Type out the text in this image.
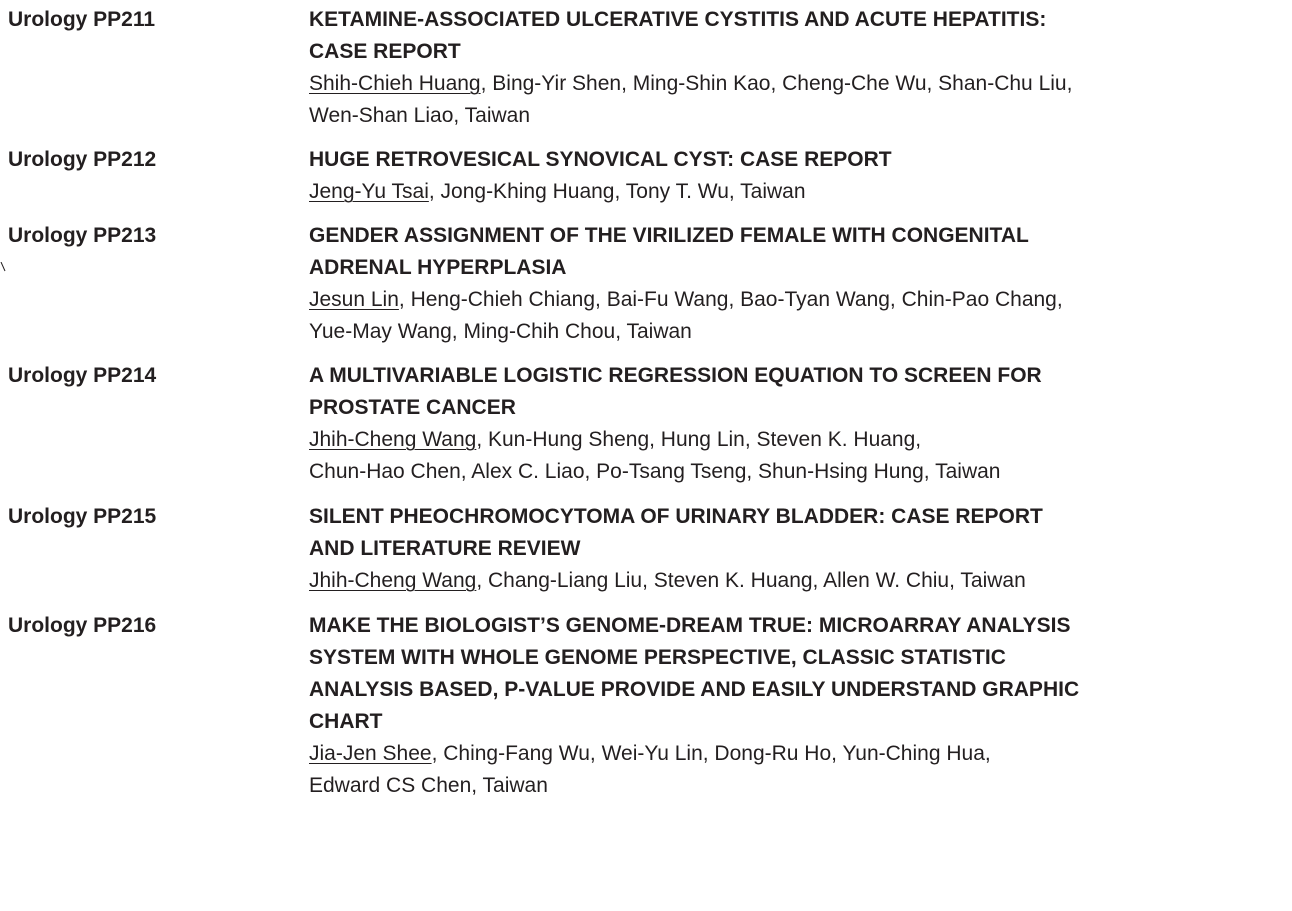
Urology PP211	KETAMINE-ASSOCIATED ULCERATIVE CYSTITIS AND ACUTE HEPATITIS:
CASE REPORT

Shih-Chieh Huang, Bing-Yir Shen, Ming-Shin Kao, Cheng-Che Wu, Shan-Chu Liu,
Wen-Shan Liao, Taiwan

Urology PP212	HUGE RETROVESICAL SYNOVICAL CYST: CASE REPORT

Jeng-Yu Tsai, Jong-Khing Huang, Tony T. Wu, Taiwan

Urology PP213	GENDER ASSIGNMENT OF THE VIRILIZED FEMALE WITH CONGENITAL
ADRENAL HYPERPLASIA

Jesun Lin, Heng-Chieh Chiang, Bai-Fu Wang, Bao-Tyan Wang, Chin-Pao Chang,
Yue-May Wang, Ming-Chih Chou, Taiwan

Urology PP214	A MULTIVARIABLE LOGISTIC REGRESSION EQUATION TO SCREEN FOR
PROSTATE CANCER

Jhih-Cheng Wang, Kun-Hung Sheng, Hung Lin, Steven K. Huang,
Chun-Hao Chen, Alex C. Liao, Po-Tsang Tseng, Shun-Hsing Hung, Taiwan

Urology PP215	SILENT PHEOCHROMOCYTOMA OF URINARY BLADDER: CASE REPORT
AND LITERATURE REVIEW

Jhih-Cheng Wang, Chang-Liang Liu, Steven K. Huang, Allen W. Chiu, Taiwan

Urology PP216	MAKE THE BIOLOGIST’S GENOME-DREAM TRUE: MICROARRAY ANALYSIS
SYSTEM WITH WHOLE GENOME PERSPECTIVE, CLASSIC STATISTIC
ANALYSIS BASED, P-VALUE PROVIDE AND EASILY UNDERSTAND GRAPHIC
CHART

Jia-Jen Shee, Ching-Fang Wu, Wei-Yu Lin, Dong-Ru Ho, Yun-Ching Hua,
Edward CS Chen, Taiwan
